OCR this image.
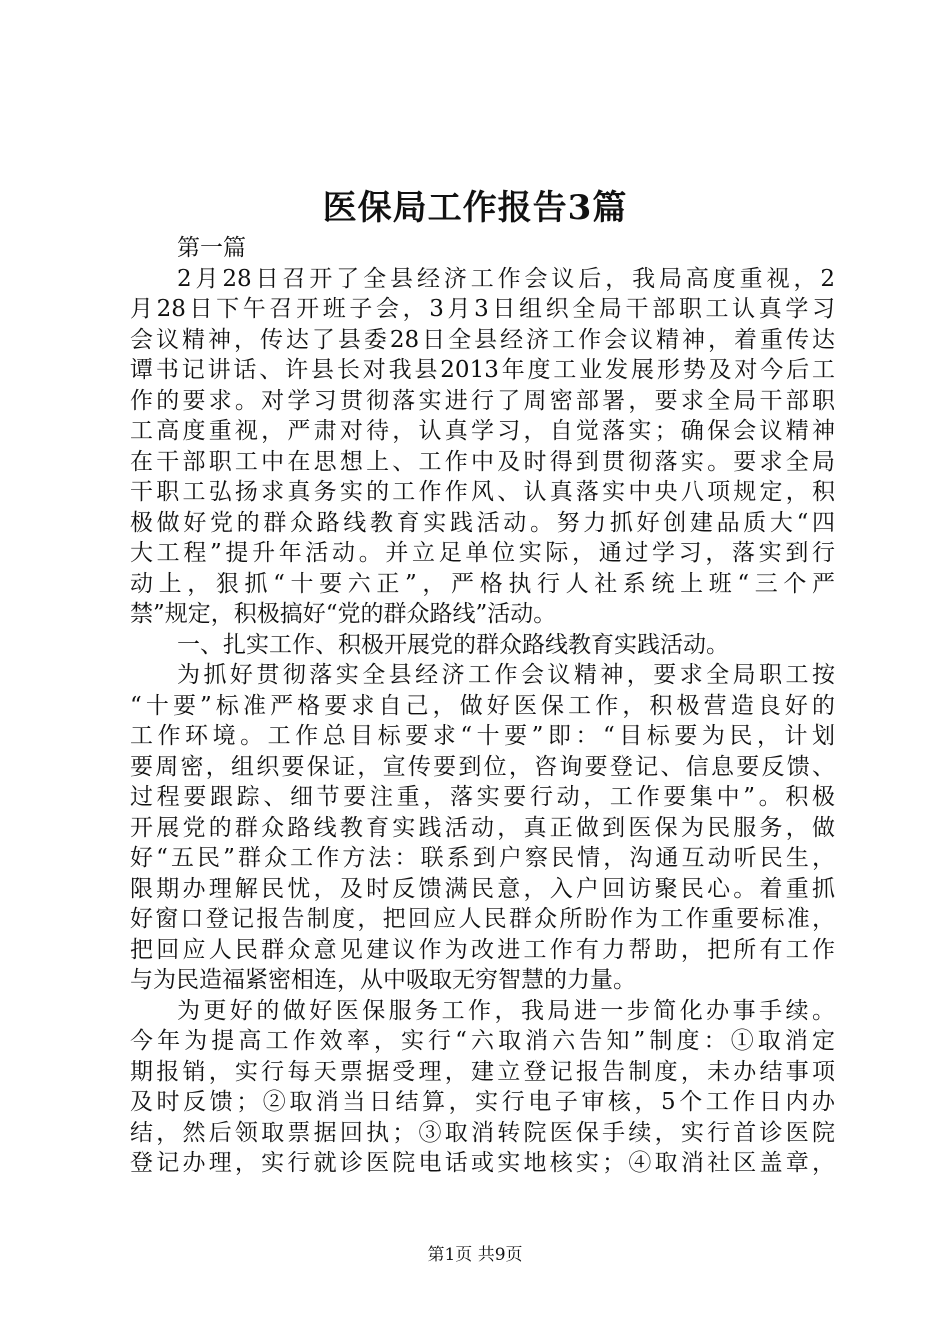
医保局工作报告3篇
第一篇
2月28日召开了全县经济工作会议后，我局高度重视，2
月28日下午召开班子会，3月3日组织全局干部职工认真学习
会议精神，传达了县委28日全县经济工作会议精神，着重传达
谭书记讲话、许县长对我县2013年度工业发展形势及对今后工
作的要求。对学习贯彻落实进行了周密部署，要求全局干部职
工高度重视，严肃对待，认真学习，自觉落实；确保会议精神
在干部职工中在思想上、工作中及时得到贯彻落实。要求全局
干职工弘扬求真务实的工作作风、认真落实中央八项规定，积
极做好党的群众路线教育实践活动。努力抓好创建品质大“四
大工程”提升年活动。并立足单位实际，通过学习，落实到行
动上，狠抓“十要六正”，严格执行人社系统上班“三个严
禁”规定，积极搞好“党的群众路线”活动。
一、扎实工作、积极开展党的群众路线教育实践活动。
为抓好贯彻落实全县经济工作会议精神，要求全局职工按
“十要”标准严格要求自己，做好医保工作，积极营造良好的
工作环境。工作总目标要求“十要”即：“目标要为民，计划
要周密，组织要保证，宣传要到位，咨询要登记、信息要反馈、
过程要跟踪、细节要注重，落实要行动，工作要集中”。积极
开展党的群众路线教育实践活动，真正做到医保为民服务，做
好“五民”群众工作方法：联系到户察民情，沟通互动听民生，
限期办理解民忧，及时反馈满民意，入户回访聚民心。着重抓
好窗口登记报告制度，把回应人民群众所盼作为工作重要标准，
把回应人民群众意见建议作为改进工作有力帮助，把所有工作
与为民造福紧密相连，从中吸取无穷智慧的力量。
为更好的做好医保服务工作，我局进一步简化办事手续。
今年为提高工作效率，实行“六取消六告知”制度：①取消定
期报销，实行每天票据受理，建立登记报告制度，未办结事项
及时反馈；②取消当日结算，实行电子审核，5个工作日内办
结，然后领取票据回执；③取消转院医保手续，实行首诊医院
登记办理，实行就诊医院电话或实地核实；④取消社区盖章，
第1页 共9页
